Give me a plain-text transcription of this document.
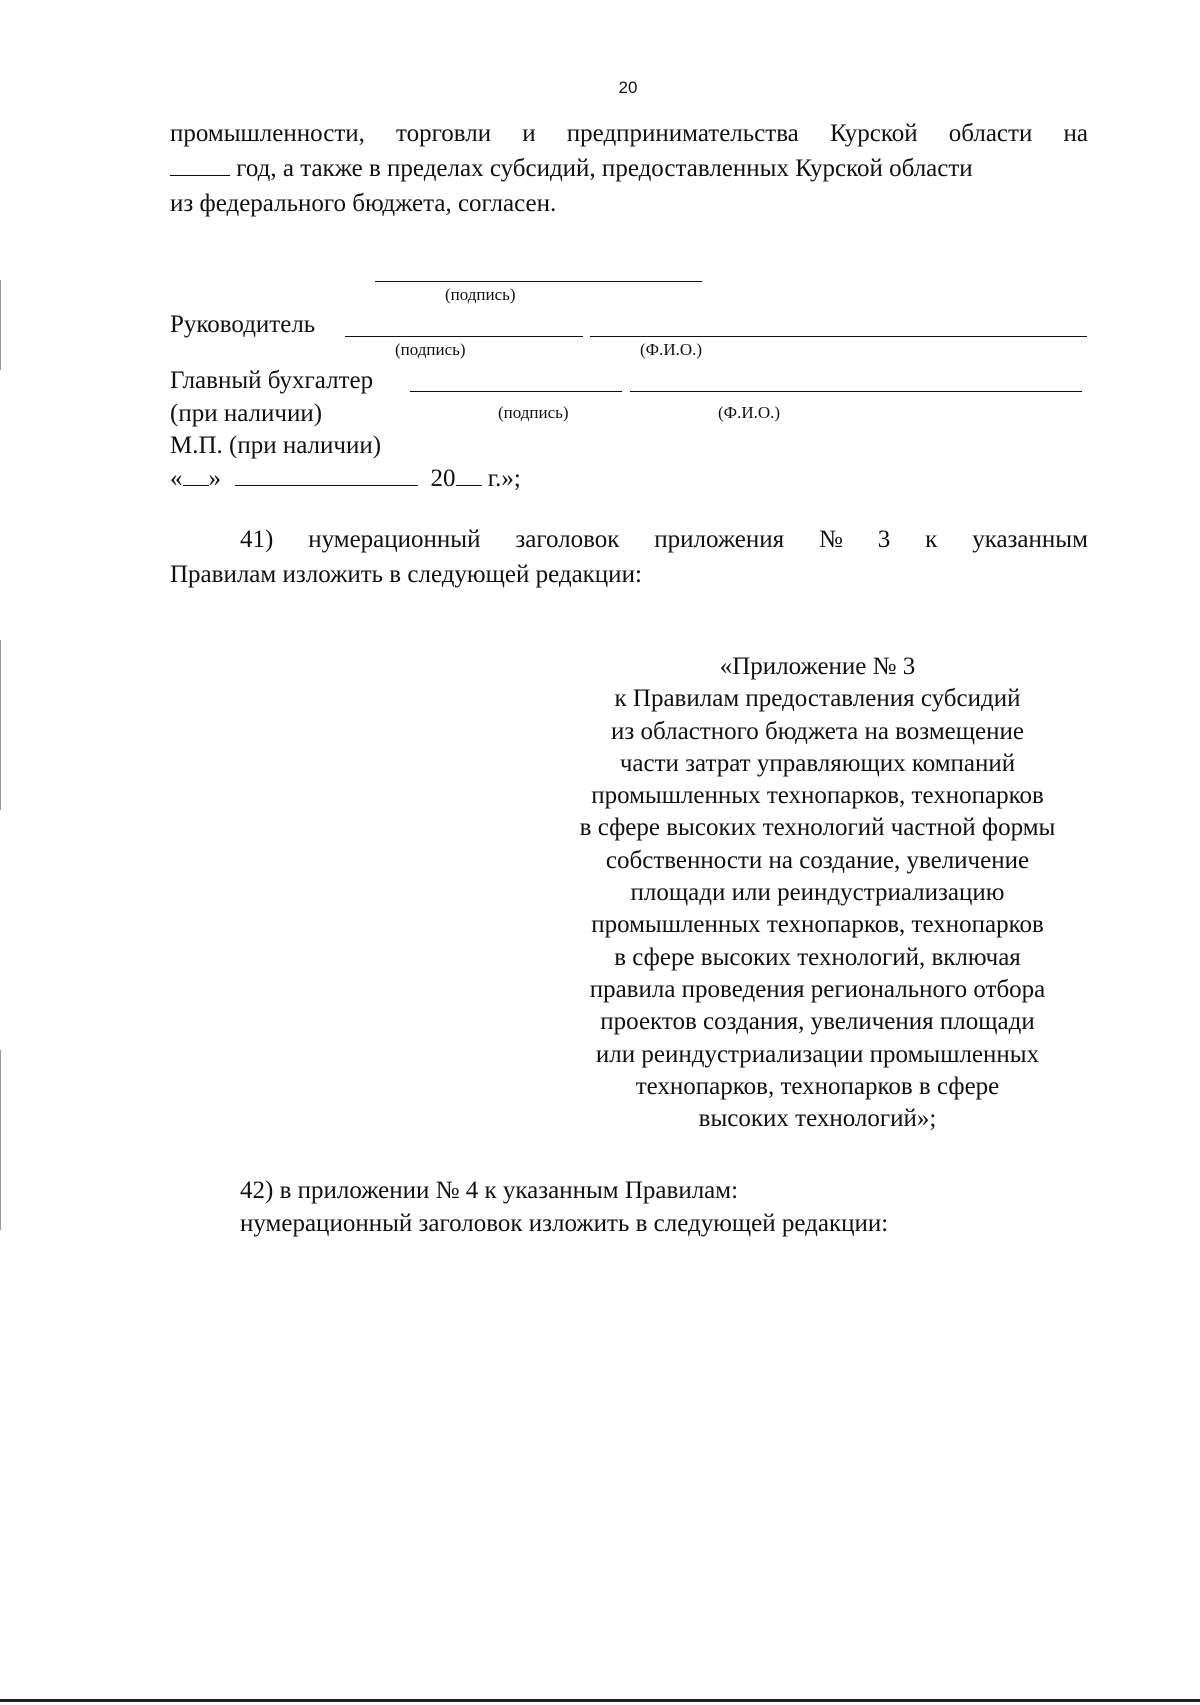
20
промышленности, торговли и предпринимательства Курской области на
год, а также в пределах субсидий, предоставленных Курской области
из федерального бюджета, согласен.
(подпись)
Руководитель
(подпись)	(Ф.И.О.)
Главный бухгалтер
(при наличии)	(подпись)	(Ф.И.О.)
М.П. (при наличии)
« »	20 г.»;
41) нумерационный заголовок приложения № 3 к указанным
Правилам изложить в следующей редакции:
«Приложение № 3
к Правилам предоставления субсидий
из областного бюджета на возмещение
части затрат управляющих компаний
промышленных технопарков, технопарков
в сфере высоких технологий частной формы
собственности на создание, увеличение
площади или реиндустриализацию
промышленных технопарков, технопарков
в сфере высоких технологий, включая
правила проведения регионального отбора
проектов создания, увеличения площади
или реиндустриализации промышленных
технопарков, технопарков в сфере
высоких технологий»;
42) в приложении № 4 к указанным Правилам:
нумерационный заголовок изложить в следующей редакции:
